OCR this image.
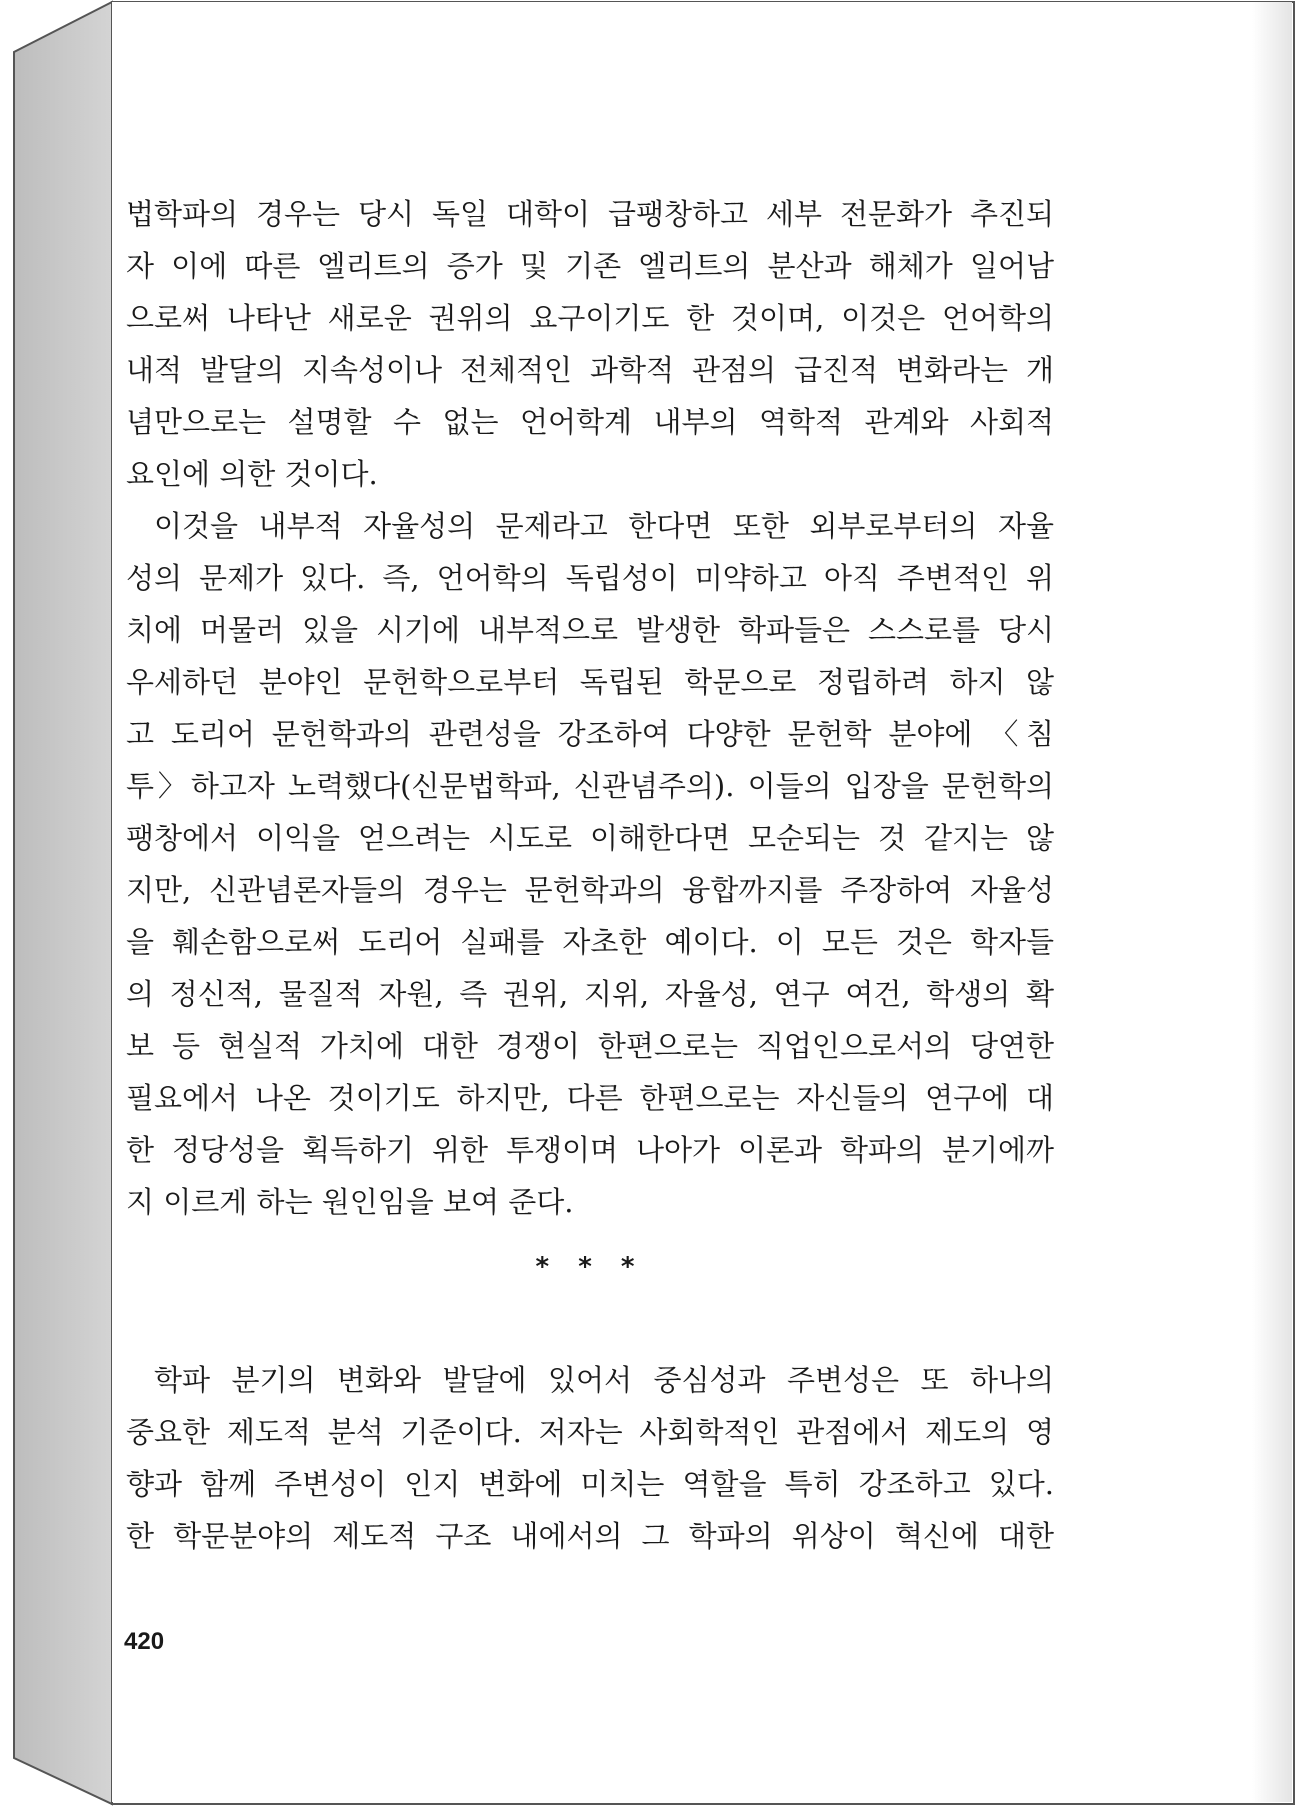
법학파의 경우는 당시 독일 대학이 급팽창하고 세부 전문화가 추진되
자 이에 따른 엘리트의 증가 및 기존 엘리트의 분산과 해체가 일어남
으로써 나타난 새로운 권위의 요구이기도 한 것이며, 이것은 언어학의
내적 발달의 지속성이나 전체적인 과학적 관점의 급진적 변화라는 개
념만으로는 설명할 수 없는 언어학계 내부의 역학적 관계와 사회적
요인에 의한 것이다.
이것을 내부적 자율성의 문제라고 한다면 또한 외부로부터의 자율
성의 문제가 있다. 즉, 언어학의 독립성이 미약하고 아직 주변적인 위
치에 머물러 있을 시기에 내부적으로 발생한 학파들은 스스로를 당시
우세하던 분야인 문헌학으로부터 독립된 학문으로 정립하려 하지 않
고 도리어 문헌학과의 관련성을 강조하여 다양한 문헌학 분야에 〈침
투〉하고자 노력했다(신문법학파, 신관념주의). 이들의 입장을 문헌학의
팽창에서 이익을 얻으려는 시도로 이해한다면 모순되는 것 같지는 않
지만, 신관념론자들의 경우는 문헌학과의 융합까지를 주장하여 자율성
을 훼손함으로써 도리어 실패를 자초한 예이다. 이 모든 것은 학자들
의 정신적, 물질적 자원, 즉 권위, 지위, 자율성, 연구 여건, 학생의 확
보 등 현실적 가치에 대한 경쟁이 한편으로는 직업인으로서의 당연한
필요에서 나온 것이기도 하지만, 다른 한편으로는 자신들의 연구에 대
한 정당성을 획득하기 위한 투쟁이며 나아가 이론과 학파의 분기에까
지 이르게 하는 원인임을 보여 준다.
* * *
학파 분기의 변화와 발달에 있어서 중심성과 주변성은 또 하나의
중요한 제도적 분석 기준이다. 저자는 사회학적인 관점에서 제도의 영
향과 함께 주변성이 인지 변화에 미치는 역할을 특히 강조하고 있다.
한 학문분야의 제도적 구조 내에서의 그 학파의 위상이 혁신에 대한
420
